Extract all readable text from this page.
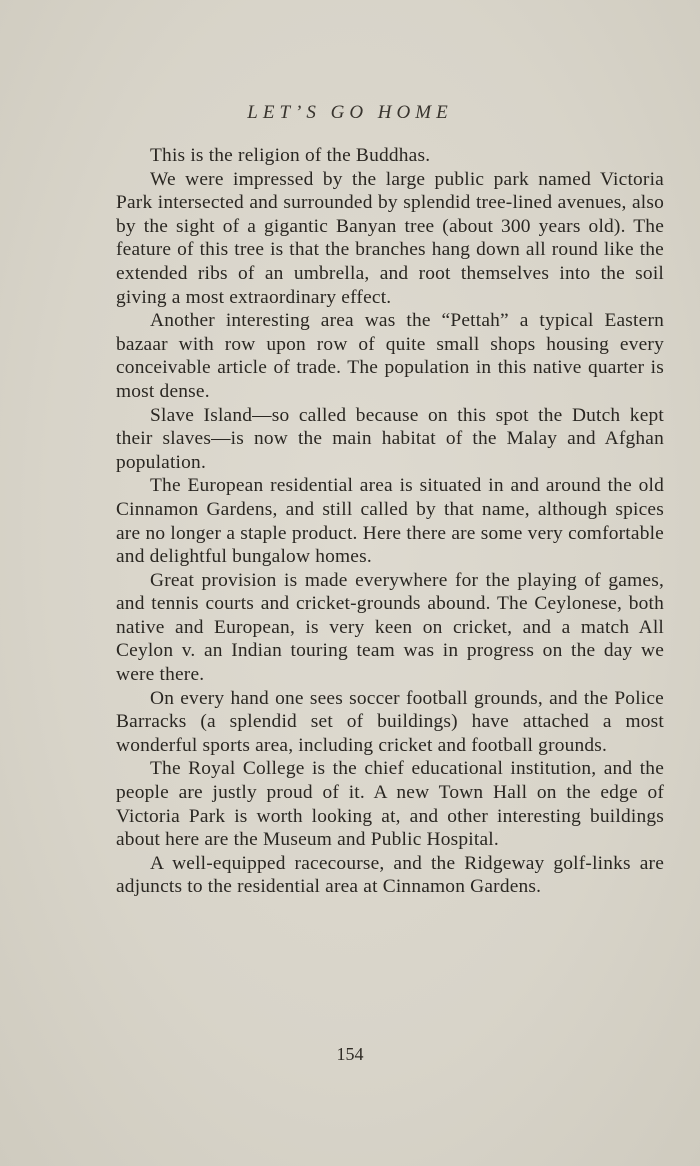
LET’S GO HOME

This is the religion of the Buddhas.

We were impressed by the large public park named Victoria Park intersected and surrounded by splendid tree-lined avenues, also by the sight of a gigantic Banyan tree (about 300 years old). The feature of this tree is that the branches hang down all round like the extended ribs of an umbrella, and root themselves into the soil giving a most extraordinary effect.

Another interesting area was the “Pettah” a typical Eastern bazaar with row upon row of quite small shops housing every conceivable article of trade. The population in this native quarter is most dense.

Slave Island—so called because on this spot the Dutch kept their slaves—is now the main habitat of the Malay and Afghan population.

The European residential area is situated in and around the old Cinnamon Gardens, and still called by that name, although spices are no longer a staple product. Here there are some very comfortable and delightful bungalow homes.

Great provision is made everywhere for the playing of games, and tennis courts and cricket-grounds abound. The Ceylonese, both native and European, is very keen on cricket, and a match All Ceylon v. an Indian touring team was in progress on the day we were there.

On every hand one sees soccer football grounds, and the Police Barracks (a splendid set of buildings) have attached a most wonderful sports area, including cricket and football grounds.

The Royal College is the chief educational institution, and the people are justly proud of it. A new Town Hall on the edge of Victoria Park is worth looking at, and other interesting buildings about here are the Museum and Public Hospital.

A well-equipped racecourse, and the Ridgeway golf-links are adjuncts to the residential area at Cinnamon Gardens.

154
